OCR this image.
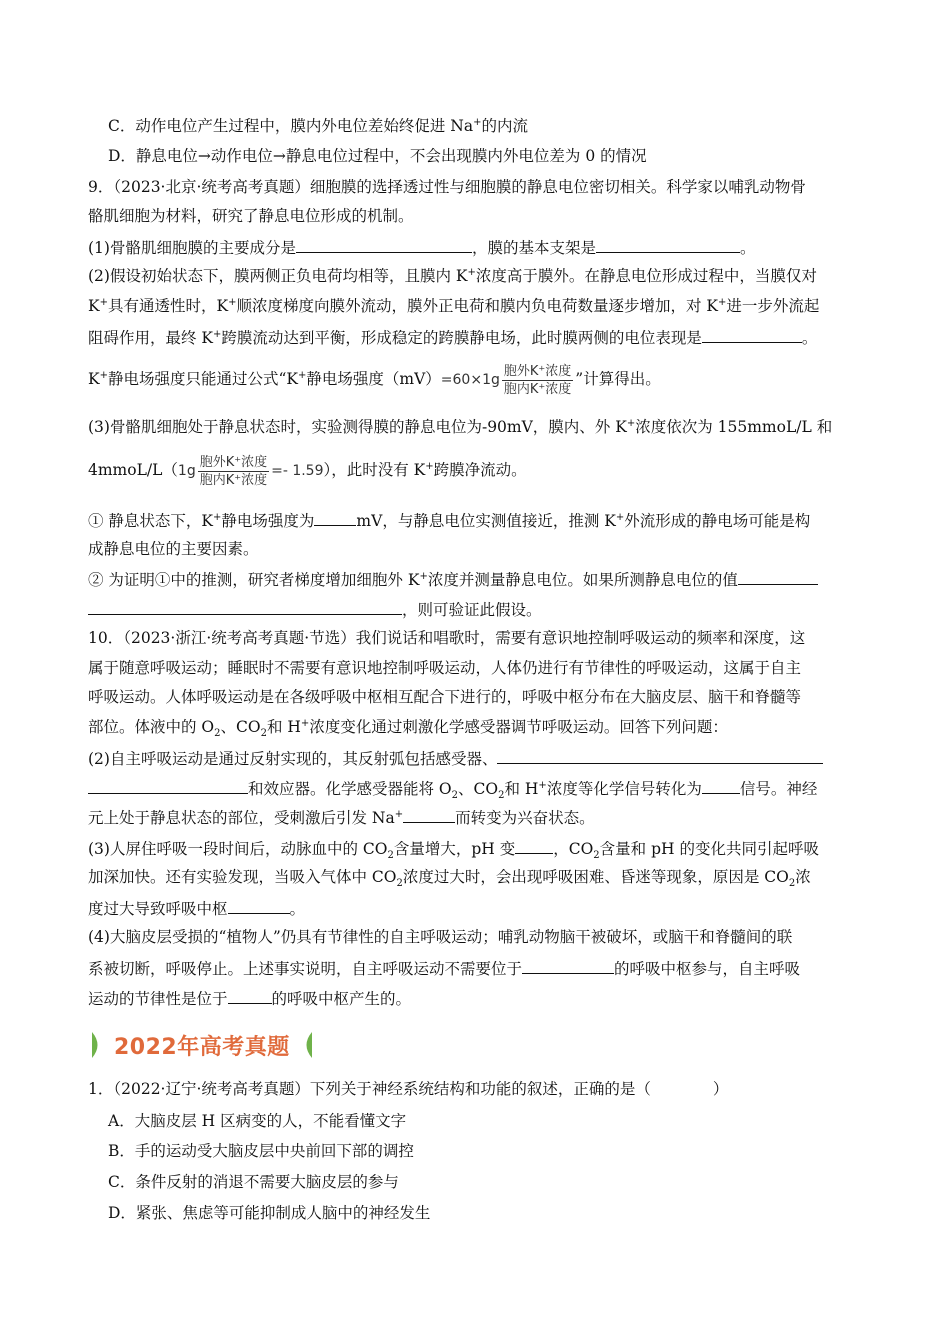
C．动作电位产生过程中，膜内外电位差始终促进 Na+的内流
D．静息电位→动作电位→静息电位过程中，不会出现膜内外电位差为 0 的情况
9．（2023·北京·统考高考真题）细胞膜的选择透过性与细胞膜的静息电位密切相关。科学家以哺乳动物骨
骼肌细胞为材料，研究了静息电位形成的机制。
(1)骨骼肌细胞膜的主要成分是	，膜的基本支架是	。
(2)假设初始状态下，膜两侧正负电荷均相等，且膜内 K+浓度高于膜外。在静息电位形成过程中，当膜仅对
K+具有通透性时，K+顺浓度梯度向膜外流动，膜外正电荷和膜内负电荷数量逐步增加，对 K+进一步外流起
阻碍作用，最终 K+跨膜流动达到平衡，形成稳定的跨膜静电场，此时膜两侧的电位表现是	。
K+静电场强度只能通过公式“K+静电场强度$(mV)=60\times 1g \frac{\text{胞外K⁺浓度}}{\text{胞内K⁺浓度}}$ ”计算得出。
(3)骨骼肌细胞处于静息状态时，实验测得膜的静息电位为-90mV，膜内、外 K+浓度依次为 155mmoL/L 和
4mmoL/L（1g $\frac{\text{胞外K⁺浓度}}{\text{胞内K⁺浓度}} =- 1.59$），此时没有 K+跨膜净流动。
① 静息状态下，K+静电场强度为	mV，与静息电位实测值接近，推测 K+外流形成的静电场可能是构
成静息电位的主要因素。
② 为证明①中的推测，研究者梯度增加细胞外 K+浓度并测量静息电位。如果所测静息电位的值
，则可验证此假设。
10．（2023·浙江·统考高考真题·节选）我们说话和唱歌时，需要有意识地控制呼吸运动的频率和深度，这
属于随意呼吸运动；睡眠时不需要有意识地控制呼吸运动，人体仍进行有节律性的呼吸运动，这属于自主
呼吸运动。人体呼吸运动是在各级呼吸中枢相互配合下进行的，呼吸中枢分布在大脑皮层、脑干和脊髓等
部位。体液中的 $O_2$、$CO_2$和 H+浓度变化通过刺激化学感受器调节呼吸运动。回答下列问题：
(2)自主呼吸运动是通过反射实现的，其反射弧包括感受器、
和效应器。化学感受器能将 $O_2$、$CO_2$和 H+浓度等化学信号转化为 信号。神经
元上处于静息状态的部位，受刺激后引发 Na+	而转变为兴奋状态。
(3)人屏住呼吸一段时间后，动脉血中的 $CO_2$含量增大，pH 变 ，$CO_2$含量和 pH 的变化共同引起呼吸
加深加快。还有实验发现，当吸入气体中 $CO_2$浓度过大时，会出现呼吸困难、昏迷等现象，原因是 $CO_2$浓
度过大导致呼吸中枢	。
(4)大脑皮层受损的“植物人”仍具有节律性的自主呼吸运动；哺乳动物脑干被破坏，或脑干和脊髓间的联
系被切断，呼吸停止。上述事实说明，自主呼吸运动不需要位于	的呼吸中枢参与，自主呼吸
运动的节律性是位于	的呼吸中枢产生的。
2022年高考真题
1．（2022·辽宁·统考高考真题）下列关于神经系统结构和功能的叙述，正确的是（　　　　）
A．大脑皮层 H 区病变的人，不能看懂文字
B．手的运动受大脑皮层中央前回下部的调控
C．条件反射的消退不需要大脑皮层的参与
D．紧张、焦虑等可能抑制成人脑中的神经发生
